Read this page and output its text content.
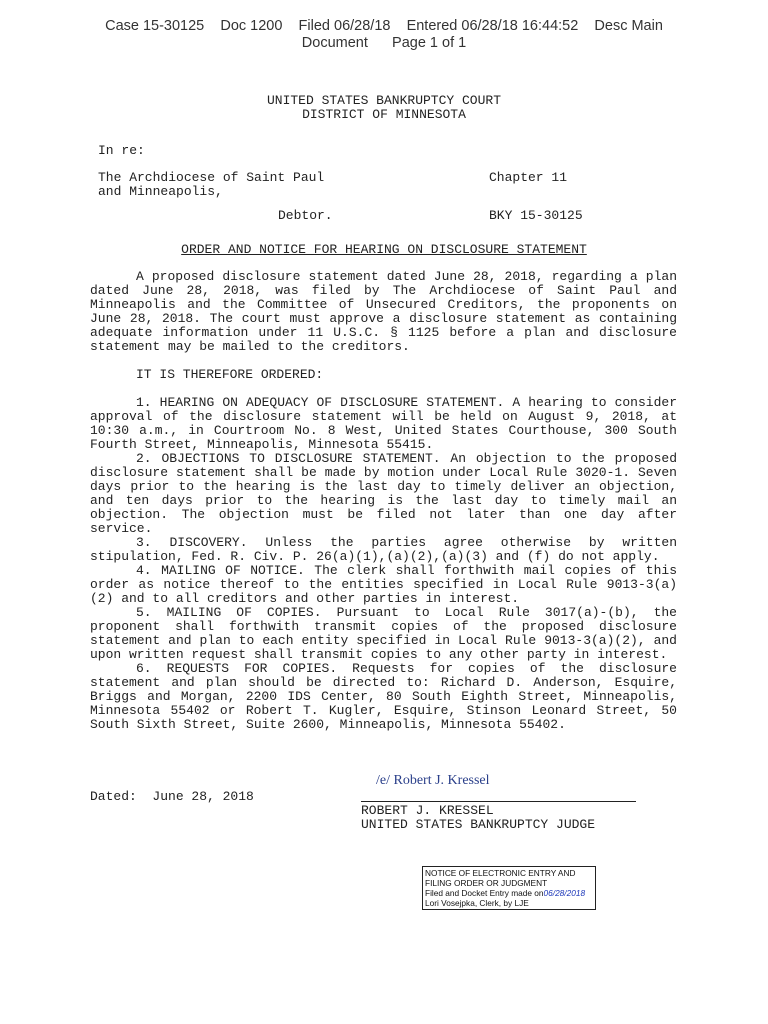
Case 15-30125    Doc 1200    Filed 06/28/18    Entered 06/28/18 16:44:52    Desc Main
Document      Page 1 of 1
UNITED STATES BANKRUPTCY COURT
DISTRICT OF MINNESOTA
In re:
The Archdiocese of Saint Paul
and Minneapolis,
Chapter 11
Debtor.	BKY 15-30125
ORDER AND NOTICE FOR HEARING ON DISCLOSURE STATEMENT

A proposed disclosure statement dated June 28, 2018, regarding a plan dated June 28, 2018, was filed by The Archdiocese of Saint Paul and Minneapolis and the Committee of Unsecured Creditors, the proponents on June 28, 2018. The court must approve a disclosure statement as containing adequate information under 11 U.S.C. § 1125 before a plan and disclosure statement may be mailed to the creditors.

IT IS THEREFORE ORDERED:

1. HEARING ON ADEQUACY OF DISCLOSURE STATEMENT. A hearing to consider approval of the disclosure statement will be held on August 9, 2018, at 10:30 a.m., in Courtroom No. 8 West, United States Courthouse, 300 South Fourth Street, Minneapolis, Minnesota 55415.

2. OBJECTIONS TO DISCLOSURE STATEMENT. An objection to the proposed disclosure statement shall be made by motion under Local Rule 3020-1. Seven days prior to the hearing is the last day to timely deliver an objection, and ten days prior to the hearing is the last day to timely mail an objection. The objection must be filed not later than one day after service.

3. DISCOVERY. Unless the parties agree otherwise by written stipulation, Fed. R. Civ. P. 26(a)(1),(a)(2),(a)(3) and (f) do not apply.

4. MAILING OF NOTICE. The clerk shall forthwith mail copies of this order as notice thereof to the entities specified in Local Rule 9013-3(a)(2) and to all creditors and other parties in interest.

5. MAILING OF COPIES. Pursuant to Local Rule 3017(a)-(b), the proponent shall forthwith transmit copies of the proposed disclosure statement and plan to each entity specified in Local Rule 9013-3(a)(2), and upon written request shall transmit copies to any other party in interest.

6. REQUESTS FOR COPIES. Requests for copies of the disclosure statement and plan should be directed to: Richard D. Anderson, Esquire, Briggs and Morgan, 2200 IDS Center, 80 South Eighth Street, Minneapolis, Minnesota 55402 or Robert T. Kugler, Esquire, Stinson Leonard Street, 50 South Sixth Street, Suite 2600, Minneapolis, Minnesota 55402.

/e/ Robert J. Kressel
Dated:  June 28, 2018
ROBERT J. KRESSEL
UNITED STATES BANKRUPTCY JUDGE
NOTICE OF ELECTRONIC ENTRY AND
FILING ORDER OR JUDGMENT
Filed and Docket Entry made on06/28/2018
Lori Vosejpka, Clerk, by LJE
